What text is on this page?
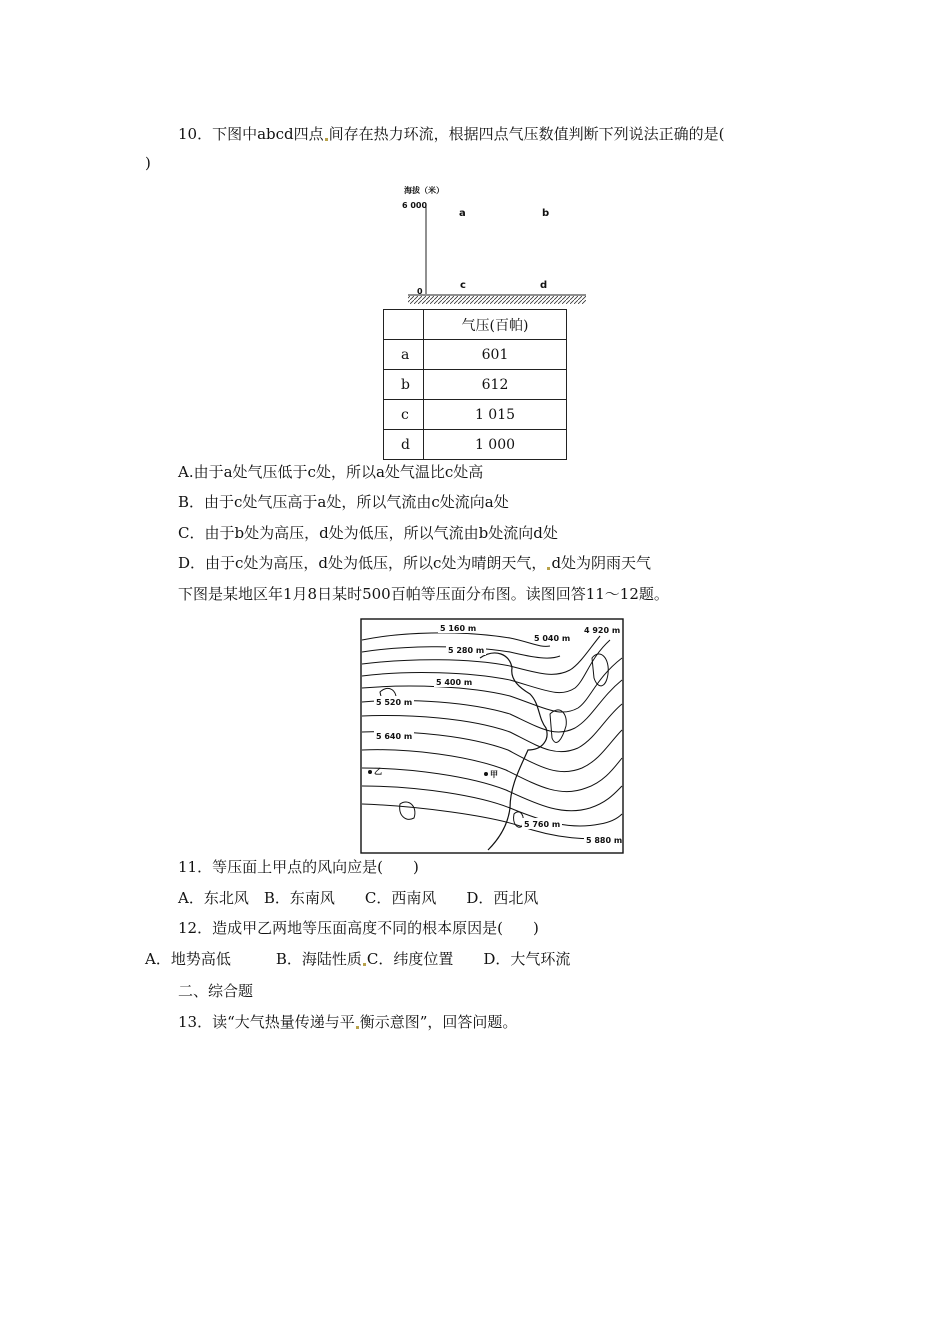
10．下图中abcd四点 间存在热力环流，根据四点气压数值判断下列说法正确的是(
)
海拔（米）
6 000
0
a	b
c	d
	气压(百帕)
a	601
b	612
c	1 015
d	1 000
A.由于a处气压低于c处，所以a处气温比c处高
B．由于c处气压高于a处，所以气流由c处流向a处
C．由于b处为高压，d处为低压，所以气流由b处流向d处
D．由于c处为高压，d处为低压，所以c处为晴朗天气， d处为阴雨天气
下图是某地区年1月8日某时500百帕等压面分布图。读图回答11～12题。
5 160 m
5 040 m
4 920 m
5 280 m
5 400 m
5 520 m
5 640 m
5 760 m
5 880 m
乙	甲
11．等压面上甲点的风向应是(　　)
A．东北风　B．东南风　　C．西南风　　D．西北风
12．造成甲乙两地等压面高度不同的根本原因是(　　)
A．地势高低　　　B．海陆性质 C．纬度位置　　D．大气环流
二、综合题
13．读“大气热量传递与平 衡示意图”，回答问题。
